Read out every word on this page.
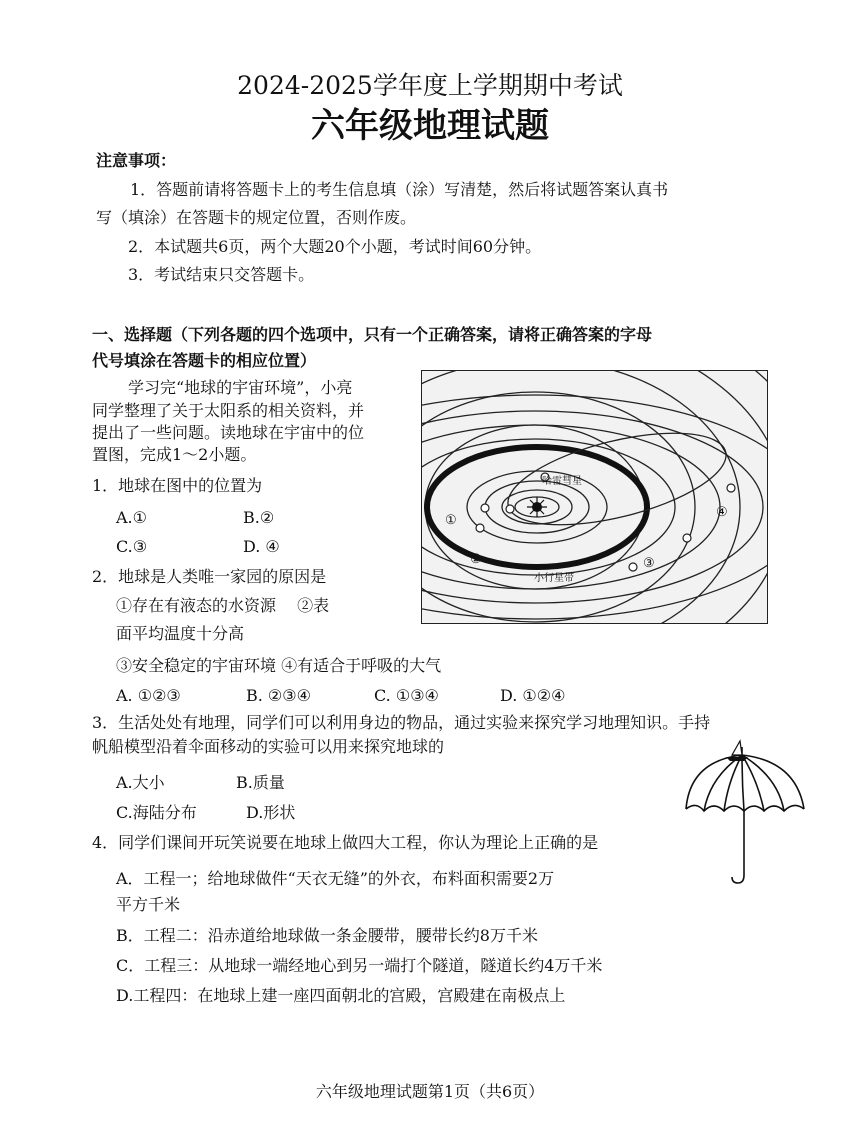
2024-2025学年度上学期期中考试
六年级地理试题
注意事项：
1．答题前请将答题卡上的考生信息填（涂）写清楚，然后将试题答案认真书
写（填涂）在答题卡的规定位置，否则作废。
2．本试题共6页，两个大题20个小题，考试时间60分钟。
3．考试结束只交答题卡。
一、选择题（下列各题的四个选项中，只有一个正确答案，请将正确答案的字母
代号填涂在答题卡的相应位置）
学习完“地球的宇宙环境”，小亮
同学整理了关于太阳系的相关资料，并
提出了一些问题。读地球在宇宙中的位
置图，完成1～2小题。
哈雷彗星
小行星带
①
②	③
④
1．地球在图中的位置为
A.①	B.②
C.③	D. ④
2．地球是人类唯一家园的原因是
①存在有液态的水资源　 ②表
面平均温度十分高
③安全稳定的宇宙环境 ④有适合于呼吸的大气
A. ①②③	B. ②③④	C. ①③④	D. ①②④
3．生活处处有地理，同学们可以利用身边的物品，通过实验来探究学习地理知识。手持
帆船模型沿着伞面移动的实验可以用来探究地球的
A.大小	B.质量
C.海陆分布	D.形状
4．同学们课间开玩笑说要在地球上做四大工程，你认为理论上正确的是
A．工程一；给地球做件“天衣无缝”的外衣，布料面积需要2万
平方千米
B．工程二：沿赤道给地球做一条金腰带，腰带长约8万千米
C．工程三：从地球一端经地心到另一端打个隧道，隧道长约4万千米
D.工程四：在地球上建一座四面朝北的宫殿，宫殿建在南极点上
六年级地理试题第1页（共6页）
